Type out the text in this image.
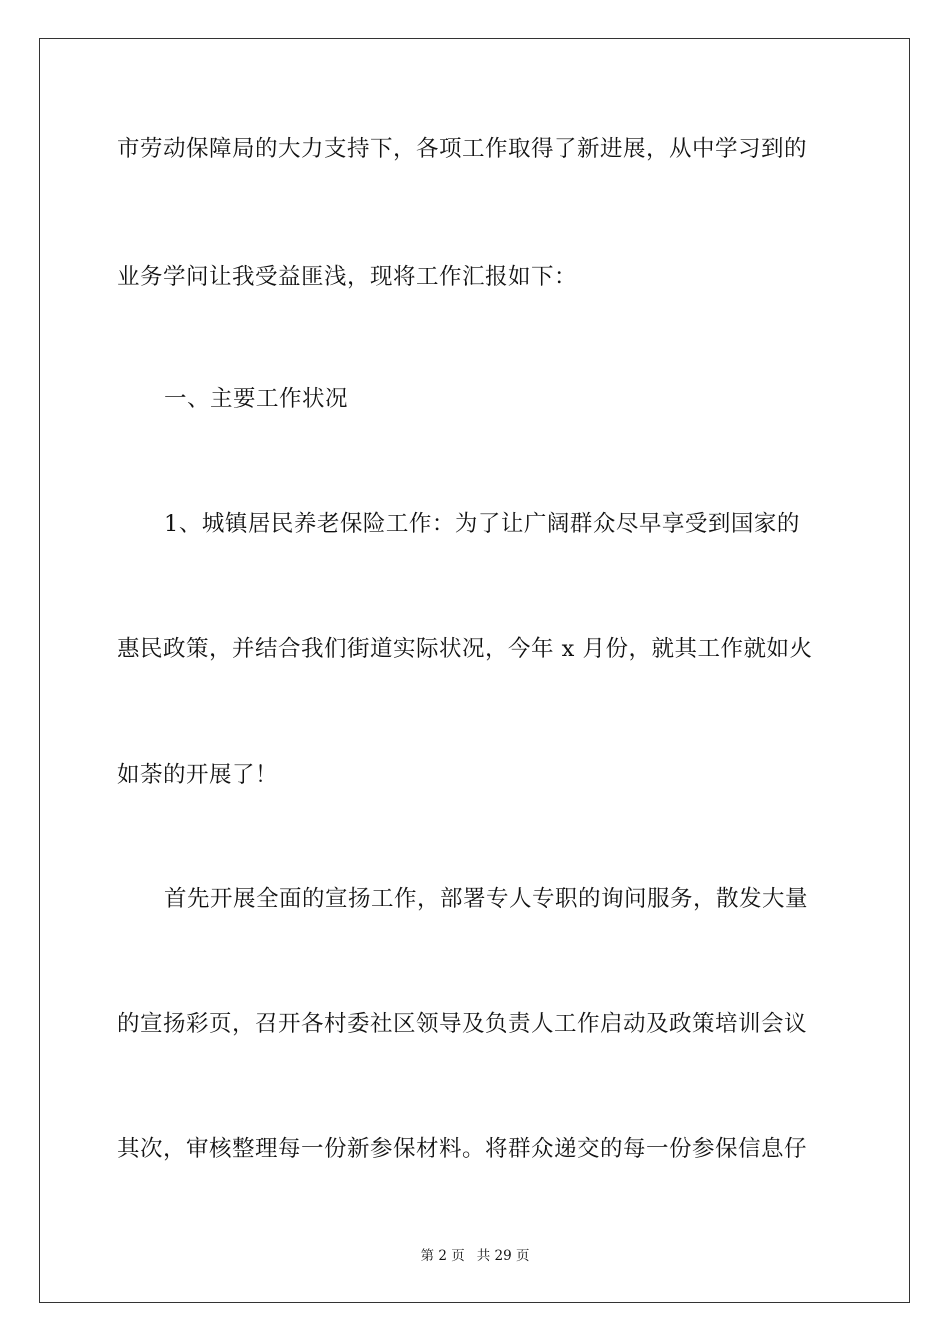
市劳动保障局的大力支持下，各项工作取得了新进展，从中学习到的
业务学问让我受益匪浅，现将工作汇报如下：
一、主要工作状况
1、城镇居民养老保险工作：为了让广阔群众尽早享受到国家的
惠民政策，并结合我们街道实际状况，今年 x 月份，就其工作就如火
如荼的开展了！
首先开展全面的宣扬工作，部署专人专职的询问服务，散发大量
的宣扬彩页，召开各村委社区领导及负责人工作启动及政策培训会议
其次，审核整理每一份新参保材料。将群众递交的每一份参保信息仔
第 2 页 共 29 页
